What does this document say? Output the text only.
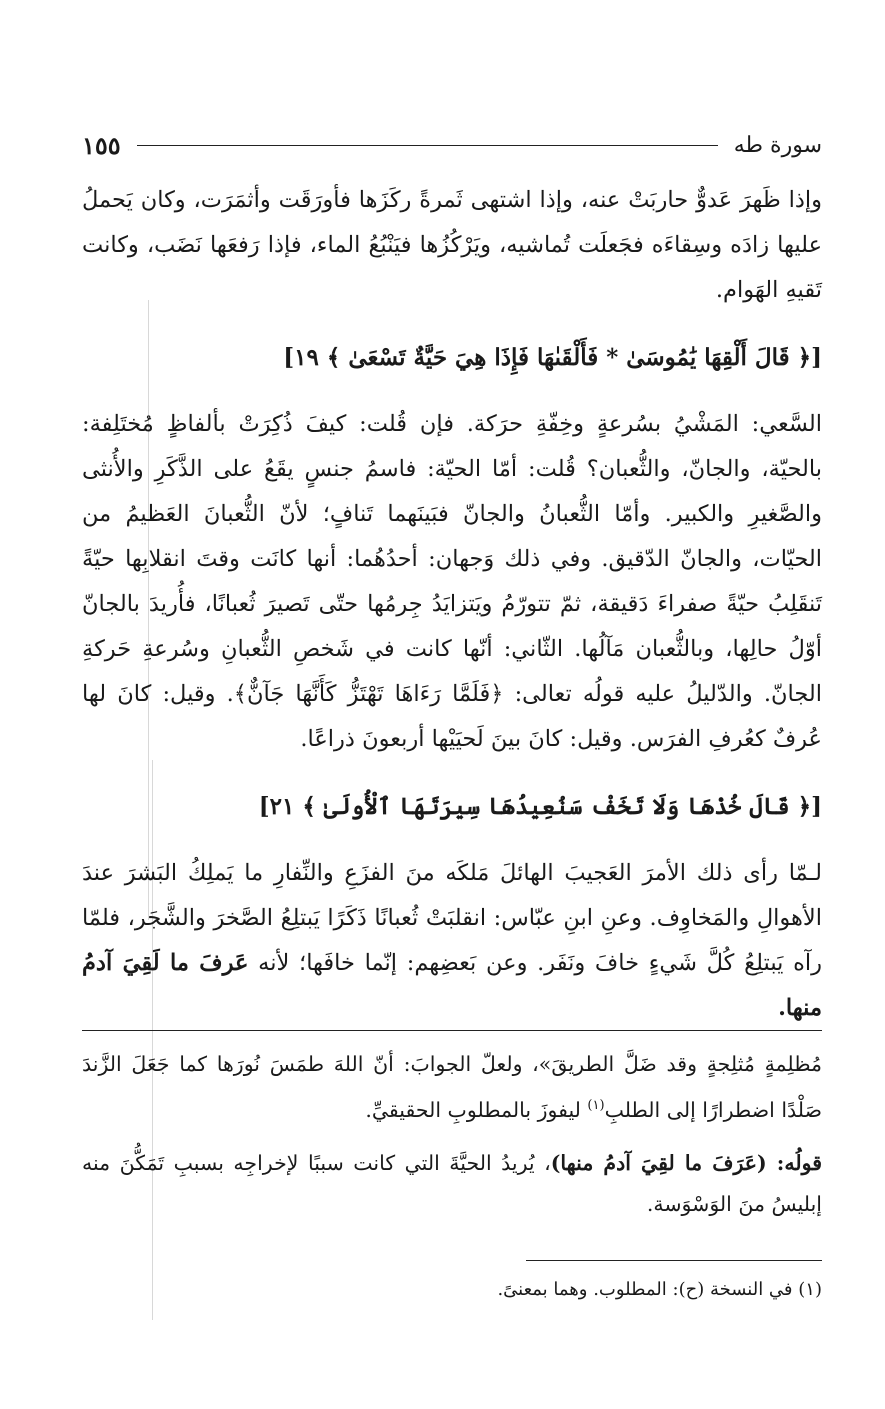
سورة طه
١٥٥

وإذا ظَهرَ عَدوٌّ حاربَتْ عنه، وإذا اشتهى ثَمرةً ركَزَها فأورَقَت وأثمَرَت، وكان يَحملُ عليها زادَه وسِقاءَه فجَعلَت تُماشيه، ويَرْكُزُها فيَنْبُعُ الماء، فإذا رَفعَها نَضَب، وكانت تَقيهِ الهَوام.

[﴿ قَالَ أَلْقِهَا يَٰمُوسَىٰ * فَأَلْقَىٰهَا فَإِذَا هِيَ حَيَّةٌ تَسْعَىٰ ﴾ ١٩]

السَّعي: المَشْيُ بسُرعةٍ وخِفّةِ حرَكة. فإن قُلت: كيفَ ذُكِرَتْ بألفاظٍ مُختَلِفة: بالحيّة، والجانّ، والثُّعبان؟ قُلت: أمّا الحيّة: فاسمُ جنسٍ يقَعُ على الذَّكَرِ والأُنثى والصَّغيرِ والكبير. وأمّا الثُّعبانُ والجانّ فبَينَهما تَنافٍ؛ لأنّ الثُّعبانَ العَظيمُ من الحيّات، والجانّ الدّقيق. وفي ذلك وَجهان: أحدُهُما: أنها كانَت وقتَ انقلابِها حيّةً تَنقَلِبُ حيّةً صفراءَ دَقيقة، ثمّ تتورّمُ ويَتزايَدُ جِرمُها حتّى تَصيرَ ثُعبانًا، فأُريدَ بالجانّ أوّلُ حالِها، وبالثُّعبان مَآلُها. الثّاني: أنّها كانت في شَخصِ الثُّعبانِ وسُرعةِ حَركةِ الجانّ. والدّليلُ عليه قولُه تعالى: ﴿فَلَمَّا رَءَاهَا تَهْتَزُّ كَأَنَّهَا جَآنٌّ﴾. وقيل: كانَ لها عُرفٌ كعُرفِ الفرَس. وقيل: كانَ بينَ لَحيَيْها أربعونَ ذراعًا.

[﴿ قَالَ خُذْهَا وَلَا تَخَفْ سَنُعِيدُهَا سِيرَتَهَا ٱلْأُولَىٰ ﴾ ٢١]

لـمّا رأى ذلك الأمرَ العَجيبَ الهائلَ مَلكَه منَ الفزَعِ والنِّفارِ ما يَملِكُ البَشرَ عندَ الأهوالِ والمَخاوِف. وعنِ ابنِ عبّاس: انقلبَتْ ثُعبانًا ذَكَرًا يَبتلِعُ الصَّخرَ والشَّجَر، فلمّا رآه يَبتلِعُ كُلَّ شَيءٍ خافَ ونَفَر. وعن بَعضِهم: إنّما خافَها؛ لأنه عَرفَ ما لَقِيَ آدمُ منها.

مُظلِمةٍ مُثلِجةٍ وقد ضَلَّ الطريقَ»، ولعلّ الجوابَ: أنّ اللهَ طمَسَ نُورَها كما جَعَلَ الزَّندَ صَلْدًا اضطرارًا إلى الطلبِ$^{(١)}$ ليفوزَ بالمطلوبِ الحقيقيِّ.

قولُه: (عَرَفَ ما لقِيَ آدمُ منها)، يُريدُ الحيَّةَ التي كانت سببًا لإخراجِه بسببِ تَمَكُّنَ منه إبليسُ منَ الوَسْوَسة.

(١) في النسخة (ح): المطلوب. وهما بمعنىً.
